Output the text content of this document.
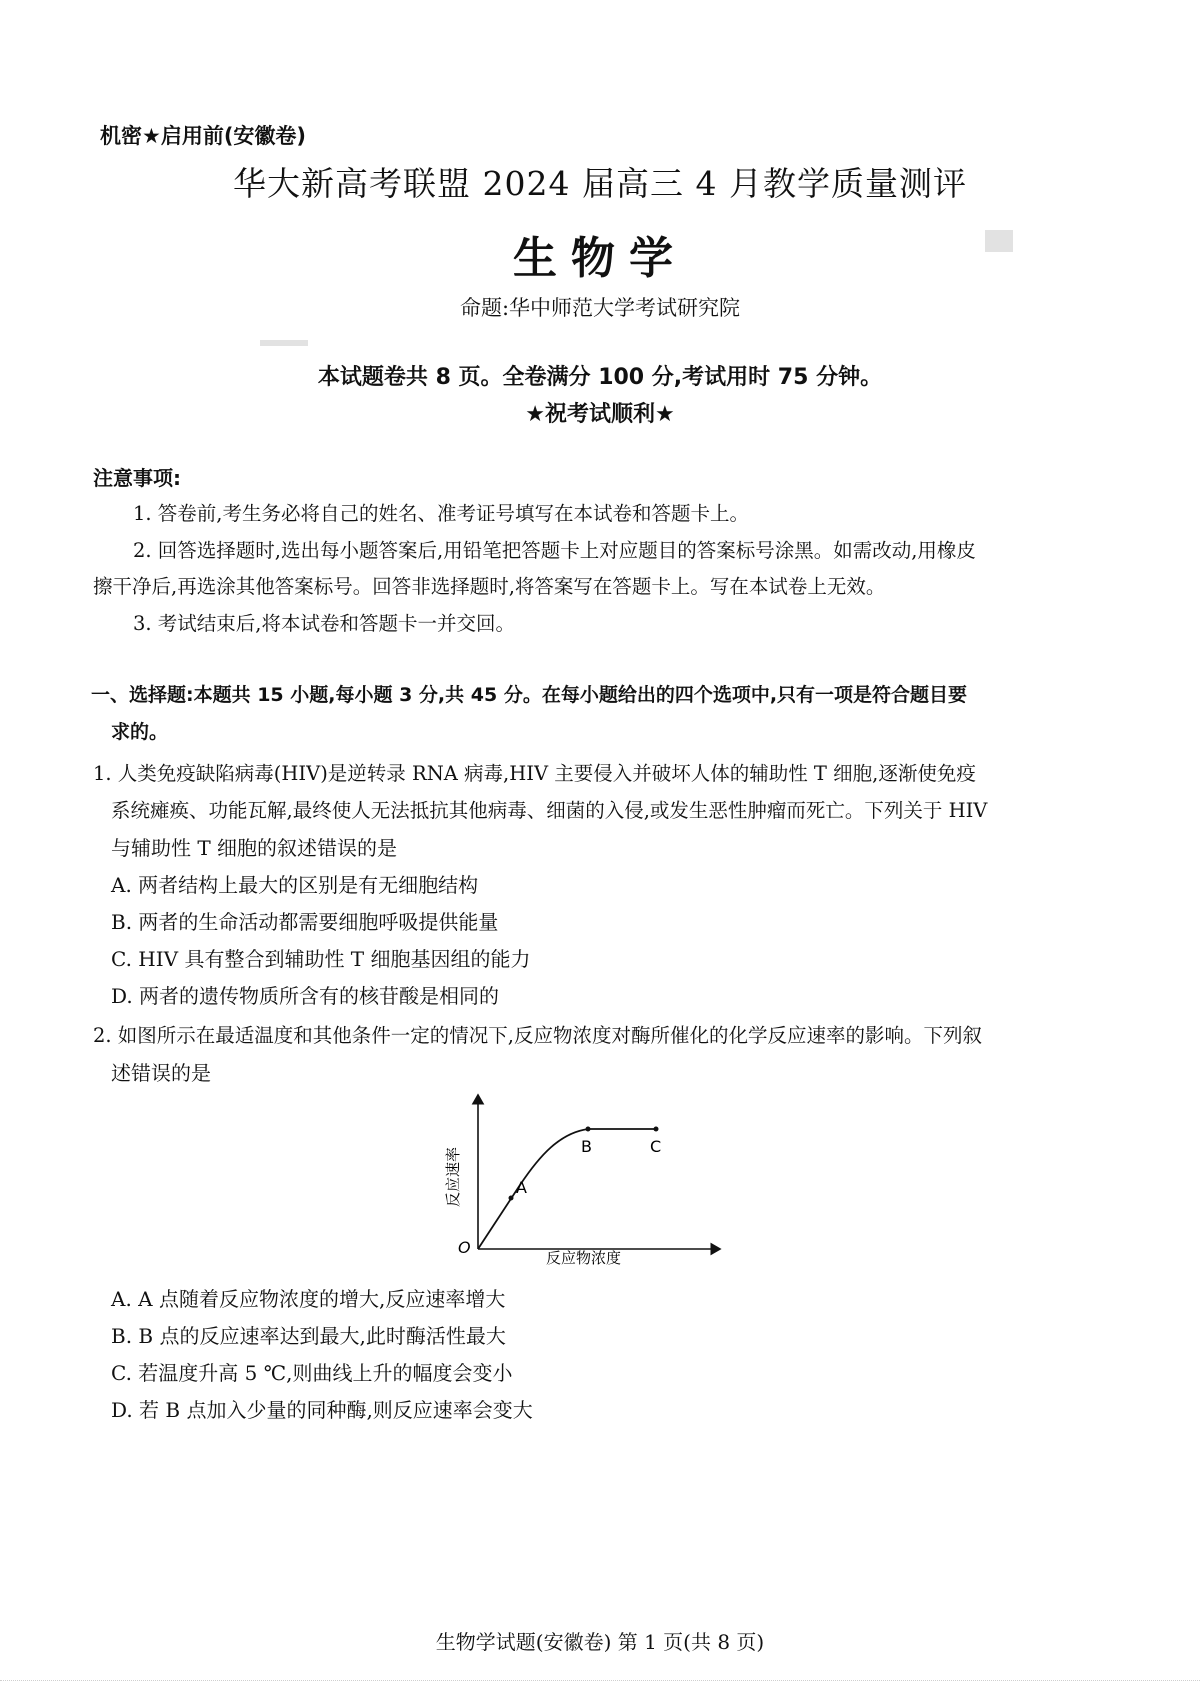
机密★启用前(安徽卷)
华大新高考联盟 2024 届高三 4 月教学质量测评
生物学
命题:华中师范大学考试研究院
本试题卷共 8 页。全卷满分 100 分,考试用时 75 分钟。
★祝考试顺利★
注意事项:
1. 答卷前,考生务必将自己的姓名、准考证号填写在本试卷和答题卡上。
2. 回答选择题时,选出每小题答案后,用铅笔把答题卡上对应题目的答案标号涂黑。如需改动,用橡皮
擦干净后,再选涂其他答案标号。回答非选择题时,将答案写在答题卡上。写在本试卷上无效。
3. 考试结束后,将本试卷和答题卡一并交回。
一、选择题:本题共 15 小题,每小题 3 分,共 45 分。在每小题给出的四个选项中,只有一项是符合题目要
求的。
1. 人类免疫缺陷病毒(HIV)是逆转录 RNA 病毒,HIV 主要侵入并破坏人体的辅助性 T 细胞,逐渐使免疫
系统瘫痪、功能瓦解,最终使人无法抵抗其他病毒、细菌的入侵,或发生恶性肿瘤而死亡。下列关于 HIV
与辅助性 T 细胞的叙述错误的是
A. 两者结构上最大的区别是有无细胞结构
B. 两者的生命活动都需要细胞呼吸提供能量
C. HIV 具有整合到辅助性 T 细胞基因组的能力
D. 两者的遗传物质所含有的核苷酸是相同的
2. 如图所示在最适温度和其他条件一定的情况下,反应物浓度对酶所催化的化学反应速率的影响。下列叙
述错误的是
A
B	C
O
反应物浓度
反应速率
A. A 点随着反应物浓度的增大,反应速率增大
B. B 点的反应速率达到最大,此时酶活性最大
C. 若温度升高 5 ℃,则曲线上升的幅度会变小
D. 若 B 点加入少量的同种酶,则反应速率会变大
生物学试题(安徽卷) 第 1 页(共 8 页)
